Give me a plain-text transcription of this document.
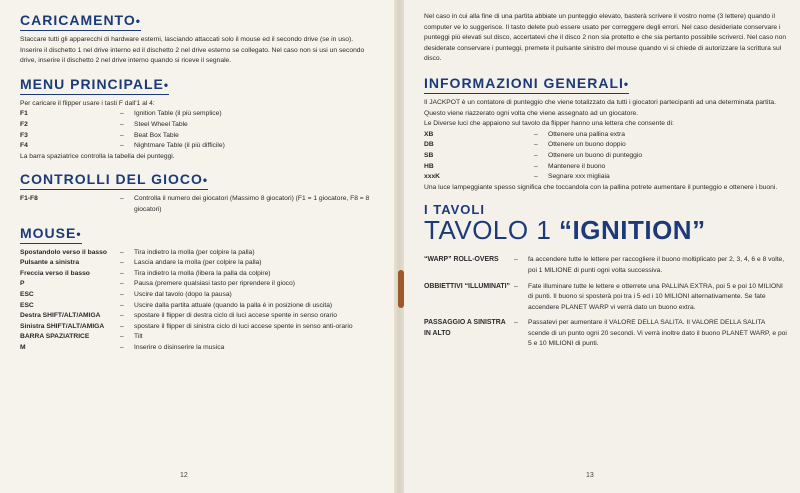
CARICAMENTO•

Staccare tutti gli apparecchi di hardware esterni, lasciando attaccati solo il mouse ed il secondo drive (se in uso). Inserire il dischetto 1 nel drive interno ed il dischetto 2 nel drive esterno se collegato. Nel caso non si usi un secondo drive, inserire il dischetto 2 nel drive interno quando si riceve il segnale.

MENU PRINCIPALE•

Per caricare il flipper usare i tasti F dall'1 al 4:

F1	–	Ignition Table (il più semplice)
F2	–	Steel Wheel Table
F3	–	Beat Box Table
F4	–	Nightmare Table (il più difficile)

La barra spaziatrice controlla la tabella dei punteggi.

CONTROLLI DEL GIOCO•
F1-F8	–	Controlla il numero dei giocatori (Massimo 8 giocatori) (F1 = 1 giocatore, F8 = 8 giocatori)
MOUSE•
Spostandolo verso il basso	–	Tira indietro la molla (per colpire la palla)
Pulsante a sinistra	–	Lascia andare la molla (per colpire la palla)
Freccia verso il basso	–	Tira indietro la molla (libera la palla da colpire)
P	–	Pausa (premere qualsiasi tasto per riprendere il gioco)
ESC	–	Uscire dal tavolo (dopo la pausa)
ESC	–	Uscire dalla partita attuale (quando la palla è in posizione di uscita)
Destra SHIFT/ALT/AMIGA	–	spostare il flipper di destra ciclo di luci accese spente in senso orario
Sinistra SHIFT/ALT/AMIGA	–	spostare il flipper di sinistra ciclo di luci accese spente in senso anti-orario
BARRA SPAZIATRICE	–	Tilt
M	–	Inserire o disinserire la musica
12

Nel caso in cui alla fine di una partita abbiate un punteggio elevato, basterà scrivere il vostro nome (3 lettere) quando il computer ve lo suggerisce. Il tasto delete può essere usato per correggere degli errori. Nel caso desideriate conservare i punteggi più elevati sul disco, accertatevi che il disco 2 non sia protetto e che sia pertanto possibile scriverci. Nel caso non desiderate conservare i punteggi, premete il pulsante sinistro del mouse quando vi si chiede di autorizzare la scrittura sul disco.

INFORMAZIONI GENERALI•

Il JACKPOT è un contatore di punteggio che viene totalizzato da tutti i giocatori partecipanti ad una determinata partita. Questo viene riazzerato ogni volta che viene assegnato ad un giocatore.

Le Diverse luci che appaiono sul tavolo da flipper hanno una lettera che consente di:

XB	–	Ottenere una pallina extra
DB	–	Ottenere un buono doppio
SB	–	Ottenere un buono di punteggio
HB	–	Mantenere il buono
xxxK	–	Segnare xxx migliaia

Una luce lampeggiante spesso significa che toccandola con la pallina potrete aumentare il punteggio e ottenere i buoni.

I TAVOLI
TAVOLO 1 “IGNITION”
“WARP” ROLL-OVERS	–	fa accendere tutte le lettere per raccogliere il buono moltiplicato per 2, 3, 4, 6 e 8 volte, poi 1 MILIONE di punti ogni volta successiva.
OBBIETTIVI “ILLUMINATI” –	Fate illuminare tutte le lettere e otterrete una PALLINA EXTRA, poi 5 e poi 10 MILIONI di punti. Il buono si sposterà poi tra i 5 ed i 10 MILIONI alternativamente. Se fate accendere PLANET WARP vi verrà dato un buono extra.
PASSAGGIO A SINISTRA IN ALTO
–	Passatevi per aumentare il VALORE DELLA SALITA. Il VALORE DELLA SALITA scende di un punto ogni 20 secondi. Vi verrà inoltre dato il buono PLANET WARP, e poi 5 e 10 MILIONI di punti.
13
